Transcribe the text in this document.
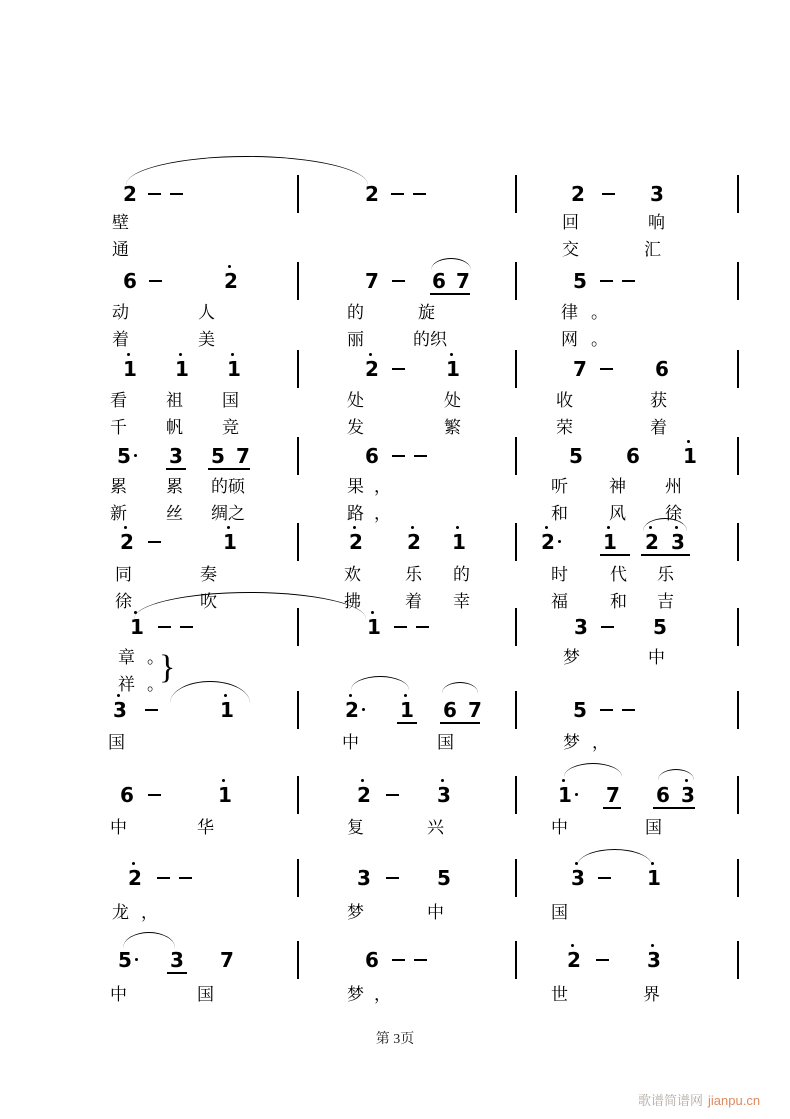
2	2	2	3
壁	回	响
通	交	汇
6	2	7	6 7	5
动	人	的	旋	律 。
着	美	丽	的织	网 。
1 1 1	2	1	7	6
看 祖 国	处	处	收	获
千 帆 竞	发	繁	荣	着
5 3 5 7	6	5 6 1
累 累 的硕	果 ，	听 神 州
新 丝 绸之	路 ，	和 风 徐
2	1	2 2 1	2 1 2 3
同	奏	欢	乐 的	时 代 乐
徐	吹	拂	着 幸	福 和 吉
1	1	3	5
章 。	梦	中
祥 。
}
3	1	2 1 6 7	5
国	中	国	梦 ，
6	1	2	3	1 7 6 3
中	华	复	兴	中	国
2	3	5	3	1
龙 ，	梦	中	国
5 3 7	6	2	3
中	国	梦 ，	世	界
第 3页
歌谱简谱网 jianpu.cn
